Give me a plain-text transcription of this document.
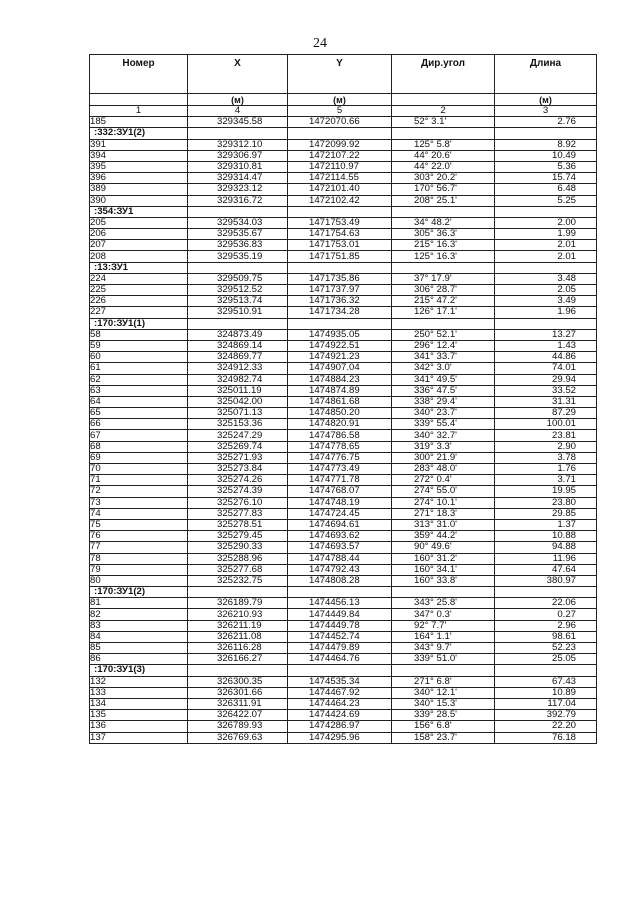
24
Номер	X	Y	Дир.угол	Длина
	(м)	(м)		(м)
1	4	5	2	3
185	329345.58	1472070.66	52° 3.1'	2.76
:332:ЗУ1(2)				
391	329312.10	1472099.92	125° 5.8'	8.92
394	329306.97	1472107.22	44° 20.6'	10.49
395	329310.81	1472110.97	44° 22.0'	5.36
396	329314.47	1472114.55	303° 20.2'	15.74
389	329323.12	1472101.40	170° 56.7'	6.48
390	329316.72	1472102.42	208° 25.1'	5.25
:354:ЗУ1				
205	329534.03	1471753.49	34° 48.2'	2.00
206	329535.67	1471754.63	305° 36.3'	1.99
207	329536.83	1471753.01	215° 16.3'	2.01
208	329535.19	1471751.85	125° 16.3'	2.01
:13:ЗУ1				
224	329509.75	1471735.86	37° 17.9'	3.48
225	329512.52	1471737.97	306° 28.7'	2.05
226	329513.74	1471736.32	215° 47.2'	3.49
227	329510.91	1471734.28	126° 17.1'	1.96
:170:ЗУ1(1)				
58	324873.49	1474935.05	250° 52.1'	13.27
59	324869.14	1474922.51	296° 12.4'	1.43
60	324869.77	1474921.23	341° 33.7'	44.86
61	324912.33	1474907.04	342° 3.0'	74.01
62	324982.74	1474884.23	341° 49.5'	29.94
63	325011.19	1474874.89	336° 47.5'	33.52
64	325042.00	1474861.68	338° 29.4'	31.31
65	325071.13	1474850.20	340° 23.7'	87.29
66	325153.36	1474820.91	339° 55.4'	100.01
67	325247.29	1474786.58	340° 32.7'	23.81
68	325269.74	1474778.65	319° 3.3'	2.90
69	325271.93	1474776.75	300° 21.9'	3.78
70	325273.84	1474773.49	283° 48.0'	1.76
71	325274.26	1474771.78	272° 0.4'	3.71
72	325274.39	1474768.07	274° 55.0'	19.95
73	325276.10	1474748.19	274° 10.1'	23.80
74	325277.83	1474724.45	271° 18.3'	29.85
75	325278.51	1474694.61	313° 31.0'	1.37
76	325279.45	1474693.62	359° 44.2'	10.88
77	325290.33	1474693.57	90° 49.6'	94.88
78	325288.96	1474788.44	160° 31.2'	11.96
79	325277.68	1474792.43	160° 34.1'	47.64
80	325232.75	1474808.28	160° 33.8'	380.97
:170:ЗУ1(2)				
81	326189.79	1474456.13	343° 25.8'	22.06
82	326210.93	1474449.84	347° 0.3'	0.27
83	326211.19	1474449.78	92° 7.7'	2.96
84	326211.08	1474452.74	164° 1.1'	98.61
85	326116.28	1474479.89	343° 9.7'	52.23
86	326166.27	1474464.76	339° 51.0'	25.05
:170:ЗУ1(3)				
132	326300.35	1474535.34	271° 6.8'	67.43
133	326301.66	1474467.92	340° 12.1'	10.89
134	326311.91	1474464.23	340° 15.3'	117.04
135	326422.07	1474424.69	339° 28.5'	392.79
136	326789.93	1474286.97	156° 6.8'	22.20
137	326769.63	1474295.96	158° 23.7'	76.18
